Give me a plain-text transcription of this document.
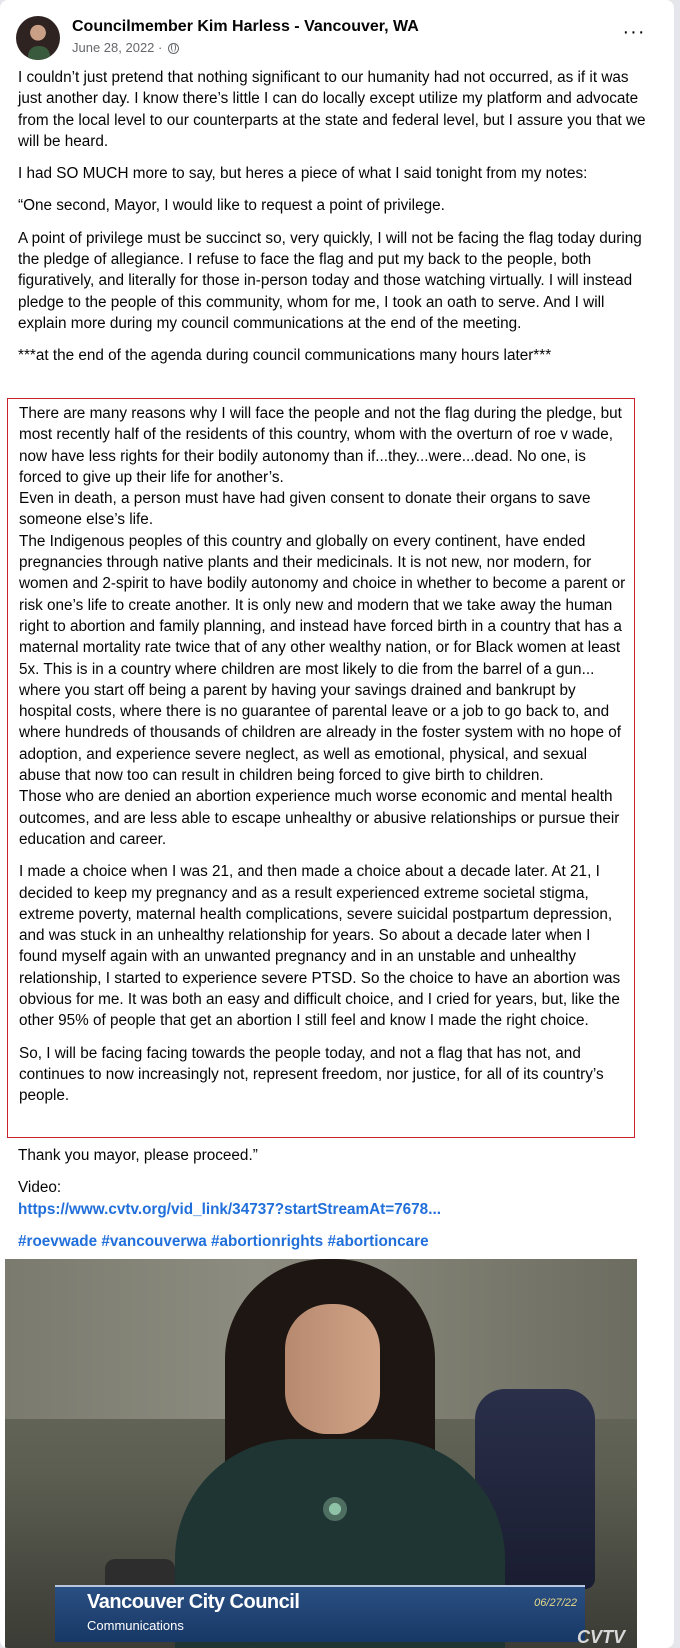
Councilmember Kim Harless - Vancouver, WA
June 28, 2022 ·
···

I couldn’t just pretend that nothing significant to our humanity had not occurred, as if it was just another day. I know there’s little I can do locally except utilize my platform and advocate from the local level to our counterparts at the state and federal level, but I assure you that we will be heard.

I had SO MUCH more to say, but heres a piece of what I said tonight from my notes:

“One second, Mayor, I would like to request a point of privilege.

A point of privilege must be succinct so, very quickly, I will not be facing the flag today during the pledge of allegiance. I refuse to face the flag and put my back to the people, both figuratively, and literally for those in-person today and those watching virtually. I will instead pledge to the people of this community, whom for me, I took an oath to serve. And I will explain more during my council communications at the end of the meeting.

***at the end of the agenda during council communications many hours later***

There are many reasons why I will face the people and not the flag during the pledge, but most recently half of the residents of this country, whom with the overturn of roe v wade, now have less rights for their bodily autonomy than if...they...were...dead. No one, is forced to give up their life for another’s.

Even in death, a person must have had given consent to donate their organs to save someone else’s life.

The Indigenous peoples of this country and globally on every continent, have ended pregnancies through native plants and their medicinals. It is not new, nor modern, for women and 2-spirit to have bodily autonomy and choice in whether to become a parent or risk one’s life to create another. It is only new and modern that we take away the human right to abortion and family planning, and instead have forced birth in a country that has a maternal mortality rate twice that of any other wealthy nation, or for Black women at least 5x. This is in a country where children are most likely to die from the barrel of a gun...

where you start off being a parent by having your savings drained and bankrupt by hospital costs, where there is no guarantee of parental leave or a job to go back to, and where hundreds of thousands of children are already in the foster system with no hope of adoption, and experience severe neglect, as well as emotional, physical, and sexual abuse that now too can result in children being forced to give birth to children.

Those who are denied an abortion experience much worse economic and mental health outcomes, and are less able to escape unhealthy or abusive relationships or pursue their education and career.

I made a choice when I was 21, and then made a choice about a decade later. At 21, I decided to keep my pregnancy and as a result experienced extreme societal stigma, extreme poverty, maternal health complications, severe suicidal postpartum depression, and was stuck in an unhealthy relationship for years. So about a decade later when I found myself again with an unwanted pregnancy and in an unstable and unhealthy relationship, I started to experience severe PTSD. So the choice to have an abortion was obvious for me. It was both an easy and difficult choice, and I cried for years, but, like the other 95% of people that get an abortion I still feel and know I made the right choice.

So, I will be facing facing towards the people today, and not a flag that has not, and continues to now increasingly not, represent freedom, nor justice, for all of its country’s people.

Thank you mayor, please proceed.”

Video:

https://www.cvtv.org/vid_link/34737?startStreamAt=7678...

#roevwade #vancouverwa #abortionrights #abortioncare
Vancouver City Council
Communications
06/27/22
CVTV
